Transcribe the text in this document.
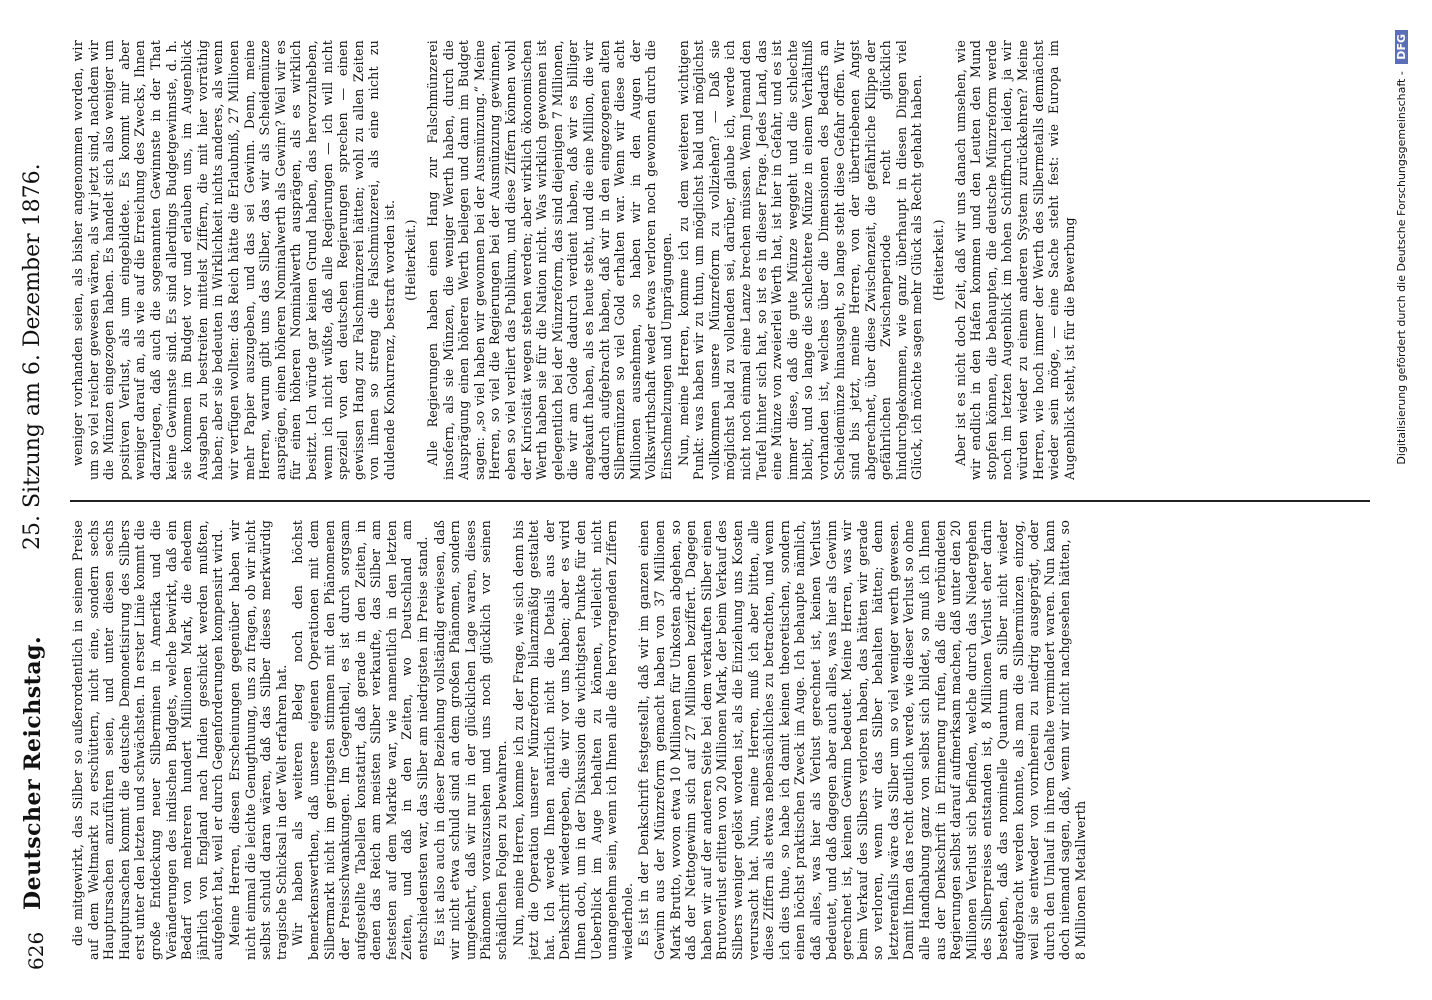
626
Deutscher Reichstag.
25. Sitzung am 6. Dezember 1876.

die mitgewirkt, das Silber so außerordentlich in seinem Preise auf dem Weltmarkt zu erschüttern, nicht eine, sondern sechs Hauptursachen anzuführen seien, und unter diesen sechs Hauptursachen kommt die deutsche Demonetisirung des Silbers erst unter den letzten und schwächsten. In erster Linie kommt die große Entdeckung neuer Silberminen in Amerika und die Veränderungen des indischen Budgets, welche bewirkt, daß ein Bedarf von mehreren hundert Millionen Mark, die ehedem jährlich von England nach Indien geschickt werden mußten, aufgehört hat, weil er durch Gegenforderungen kompensirt wird. Meine Herren, diesen Erscheinungen gegenüber haben wir nicht einmal die leichte Genugthuung, uns zu fragen, ob wir nicht selbst schuld daran wären, daß das Silber dieses merkwürdig tragische Schicksal in der Welt erfahren hat. Wir haben als weiteren Beleg noch den höchst bemerkenswerthen, daß unsere eigenen Operationen mit dem Silbermarkt nicht im geringsten stimmen mit den Phänomenen der Preisschwankungen. Im Gegentheil, es ist durch sorgsam aufgestellte Tabellen konstatirt, daß gerade in den Zeiten, in denen das Reich am meisten Silber verkaufte, das Silber am festesten auf dem Markte war, wie namentlich in den letzten Zeiten, und daß in den Zeiten, wo Deutschland am entschiedensten war, das Silber am niedrigsten im Preise stand. Es ist also auch in dieser Beziehung vollständig erwiesen, daß wir nicht etwa schuld sind an dem großen Phänomen, sondern umgekehrt, daß wir nur in der glücklichen Lage waren, dieses Phänomen vorauszusehen und uns noch glücklich vor seinen schädlichen Folgen zu bewahren. Nun, meine Herren, komme ich zu der Frage, wie sich denn bis jetzt die Operation unserer Münzreform bilanzmäßig gestaltet hat. Ich werde Ihnen natürlich nicht die Details aus der Denkschrift wiedergeben, die wir vor uns haben; aber es wird Ihnen doch, um in der Diskussion die wichtigsten Punkte für den Ueberblick im Auge behalten zu können, vielleicht nicht unangenehm sein, wenn ich Ihnen alle die hervorragenden Ziffern wiederhole. Es ist in der Denkschrift festgestellt, daß wir im ganzen einen Gewinn aus der Münzreform gemacht haben von 37 Millionen Mark Brutto, wovon etwa 10 Millionen für Unkosten abgehen, so daß der Nettogewinn sich auf 27 Millionen beziffert. Dagegen haben wir auf der anderen Seite bei dem verkauften Silber einen Brutoverlust erlitten von 20 Millionen Mark, der beim Verkauf des Silbers weniger gelöst worden ist, als die Einziehung uns Kosten verursacht hat. Nun, meine Herren, muß ich aber bitten, alle diese Ziffern als etwas nebensächliches zu betrachten, und wenn ich dies thue, so habe ich damit keinen theoretischen, sondern einen höchst praktischen Zweck im Auge. Ich behaupte nämlich, daß alles, was hier als Verlust gerechnet ist, keinen Verlust bedeutet, und daß dagegen aber auch alles, was hier als Gewinn gerechnet ist, keinen Gewinn bedeutet. Meine Herren, was wir beim Verkauf des Silbers verloren haben, das hätten wir gerade so verloren, wenn wir das Silber behalten hätten; denn letzterenfalls wäre das Silber um so viel weniger werth gewesen. Damit Ihnen das recht deutlich werde, wie dieser Verlust so ohne alle Handhabung ganz von selbst sich bildet, so muß ich Ihnen aus der Denkschrift in Erinnerung rufen, daß die verbündeten Regierungen selbst darauf aufmerksam machen, daß unter den 20 Millionen Verlust sich befinden, welche durch das Niedergehen des Silberpreises entstanden ist, 8 Millionen Verlust eher darin bestehen, daß das nominelle Quantum an Silber nicht wieder aufgebracht werden konnte, als man die Silbermünzen einzog, weil sie entweder von vornherein zu niedrig ausgeprägt, oder durch den Umlauf in ihrem Gehalte vermindert waren. Nun kann doch niemand sagen, daß, wenn wir nicht nachgesehen hätten, so 8 Millionen Metallwerth

weniger vorhanden seien, als bisher angenommen worden, wir um so viel reicher gewesen wären, als wir jetzt sind, nachdem wir die Münzen eingezogen haben. Es handelt sich also weniger um positiven Verlust, als um eingebildete. Es kommt mir aber weniger darauf an, als wie auf die Erreichung des Zwecks, Ihnen darzulegen, daß auch die sogenannten Gewinnste in der That keine Gewinnste sind. Es sind allerdings Budgetgewinnste, d. h. sie kommen im Budget vor und erlauben uns, im Augenblick Ausgaben zu bestreiten mittelst Ziffern, die mit hier vorräthig haben; aber sie bedeuten in Wirklichkeit nichts anderes, als wenn wir verfügen wollten: das Reich hätte die Erlaubniß, 27 Millionen mehr Papier auszugeben, und das sei Gewinn. Denn, meine Herren, warum gibt uns das Silber, das wir als Scheidemünze ausprägen, einen höheren Nominalwerth als Gewinn? Weil wir es für einen höheren Nominalwerth ausprägen, als es wirklich besitzt. Ich würde gar keinen Grund haben, das hervorzuheben, wenn ich nicht wüßte, daß alle Regierungen — ich will nicht speziell von den deutschen Regierungen sprechen — einen gewissen Hang zur Falschmünzerei hätten; wohl zu allen Zeiten von ihnen so streng die Falschmünzerei, als eine nicht zu duldende Konkurrenz, bestraft worden ist. (Heiterkeit.) Alle Regierungen haben einen Hang zur Falschmünzerei insofern, als sie Münzen, die weniger Werth haben, durch die Ausprägung einen höheren Werth beilegen und dann im Budget sagen: „so viel haben wir gewonnen bei der Ausmünzung.“ Meine Herren, so viel die Regierungen bei der Ausmünzung gewinnen, eben so viel verliert das Publikum, und diese Ziffern können wohl der Kuriosität wegen stehen werden; aber wirklich ökonomischen Werth haben sie für die Nation nicht. Was wirklich gewonnen ist gelegentlich bei der Münzreform, das sind diejenigen 7 Millionen, die wir am Golde dadurch verdient haben, daß wir es billiger angekauft haben, als es heute steht, und die eine Million, die wir dadurch aufgebracht haben, daß wir in den eingezogenen alten Silbermünzen so viel Gold erhalten war. Wenn wir diese acht Millionen ausnehmen, so haben wir in den Augen der Volkswirthschaft weder etwas verloren noch gewonnen durch die Einschmelzungen und Umprägungen. Nun, meine Herren, komme ich zu dem weiteren wichtigen Punkt: was haben wir zu thun, um möglichst bald und möglichst vollkommen unsere Münzreform zu vollziehen? — Daß sie möglichst bald zu vollenden sei, darüber, glaube ich, werde ich nicht noch einmal eine Lanze brechen müssen. Wenn Jemand den Teufel hinter sich hat, so ist es in dieser Frage. Jedes Land, das eine Münze von zweierlei Werth hat, ist hier in Gefahr, und es ist immer diese, daß die gute Münze weggeht und die schlechte bleibt, und so lange die schlechtere Münze in einem Verhältniß vorhanden ist, welches über die Dimensionen des Bedarfs an Scheidemünze hinausgeht, so lange steht diese Gefahr offen. Wir sind bis jetzt, meine Herren, von der übertriebenen Angst abgerechnet, über diese Zwischenzeit, die gefährliche Klippe der gefährlichen Zwischenperiode recht glücklich hindurchgekommen, wie ganz überhaupt in diesen Dingen viel Glück, ich möchte sagen mehr Glück als Recht gehabt haben. (Heiterkeit.) Aber ist es nicht doch Zeit, daß wir uns danach umsehen, wie wir endlich in den Hafen kommen und den Leuten den Mund stopfen können, die behaupten, die deutsche Münzreform werde noch im letzten Augenblick im hohen Schiffbruch leiden, ja wir würden wieder zu einem anderen System zurückkehren? Meine Herren, wie hoch immer der Werth des Silbermetalls demnächst wieder sein möge, — eine Sache steht fest: wie Europa im Augenblick steht, ist für die Bewerbung	Digitalisierung gefördert durch die Deutsche Forschungsgemeinschaft - DFG
